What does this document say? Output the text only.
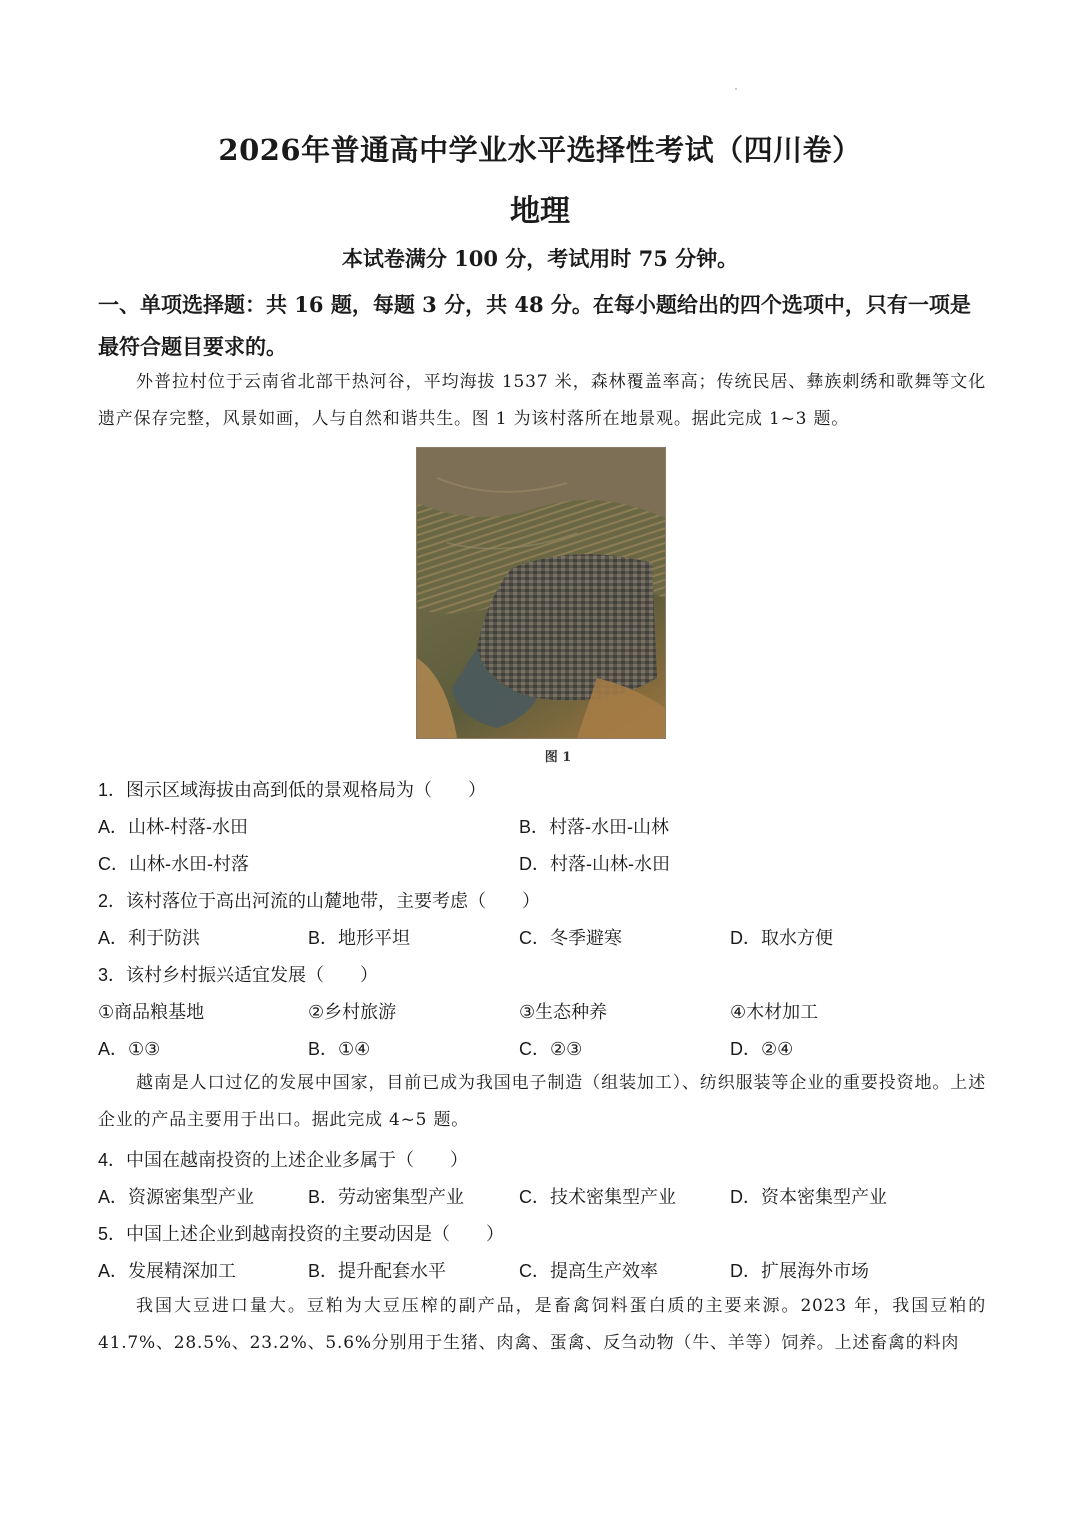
2026年普通高中学业水平选择性考试（四川卷）
地理
本试卷满分 100 分，考试用时 75 分钟。
一、单项选择题：共 16 题，每题 3 分，共 48 分。在每小题给出的四个选项中，只有一项是最符合题目要求的。
外普拉村位于云南省北部干热河谷，平均海拔 1537 米，森林覆盖率高；传统民居、彝族刺绣和歌舞等文化遗产保存完整，风景如画，人与自然和谐共生。图 1 为该村落所在地景观。据此完成 1~3 题。
图 1
1．图示区域海拔由高到低的景观格局为（　　）
A．山林-村落-水田	B．村落-水田-山林
C．山林-水田-村落	D．村落-山林-水田
2．该村落位于高出河流的山麓地带，主要考虑（　　）
A．利于防洪	B．地形平坦	C．冬季避寒	D．取水方便
3．该村乡村振兴适宜发展（　　）
①商品粮基地	②乡村旅游	③生态种养	④木材加工
A．①③	B．①④	C．②③	D．②④
越南是人口过亿的发展中国家，目前已成为我国电子制造（组装加工）、纺织服装等企业的重要投资地。上述企业的产品主要用于出口。据此完成 4~5 题。
4．中国在越南投资的上述企业多属于（　　）
A．资源密集型产业	B．劳动密集型产业	C．技术密集型产业	D．资本密集型产业
5．中国上述企业到越南投资的主要动因是（　　）
A．发展精深加工	B．提升配套水平	C．提高生产效率	D．扩展海外市场
我国大豆进口量大。豆粕为大豆压榨的副产品，是畜禽饲料蛋白质的主要来源。2023 年，我国豆粕的 41.7%、28.5%、23.2%、5.6%分别用于生猪、肉禽、蛋禽、反刍动物（牛、羊等）饲养。上述畜禽的料肉
